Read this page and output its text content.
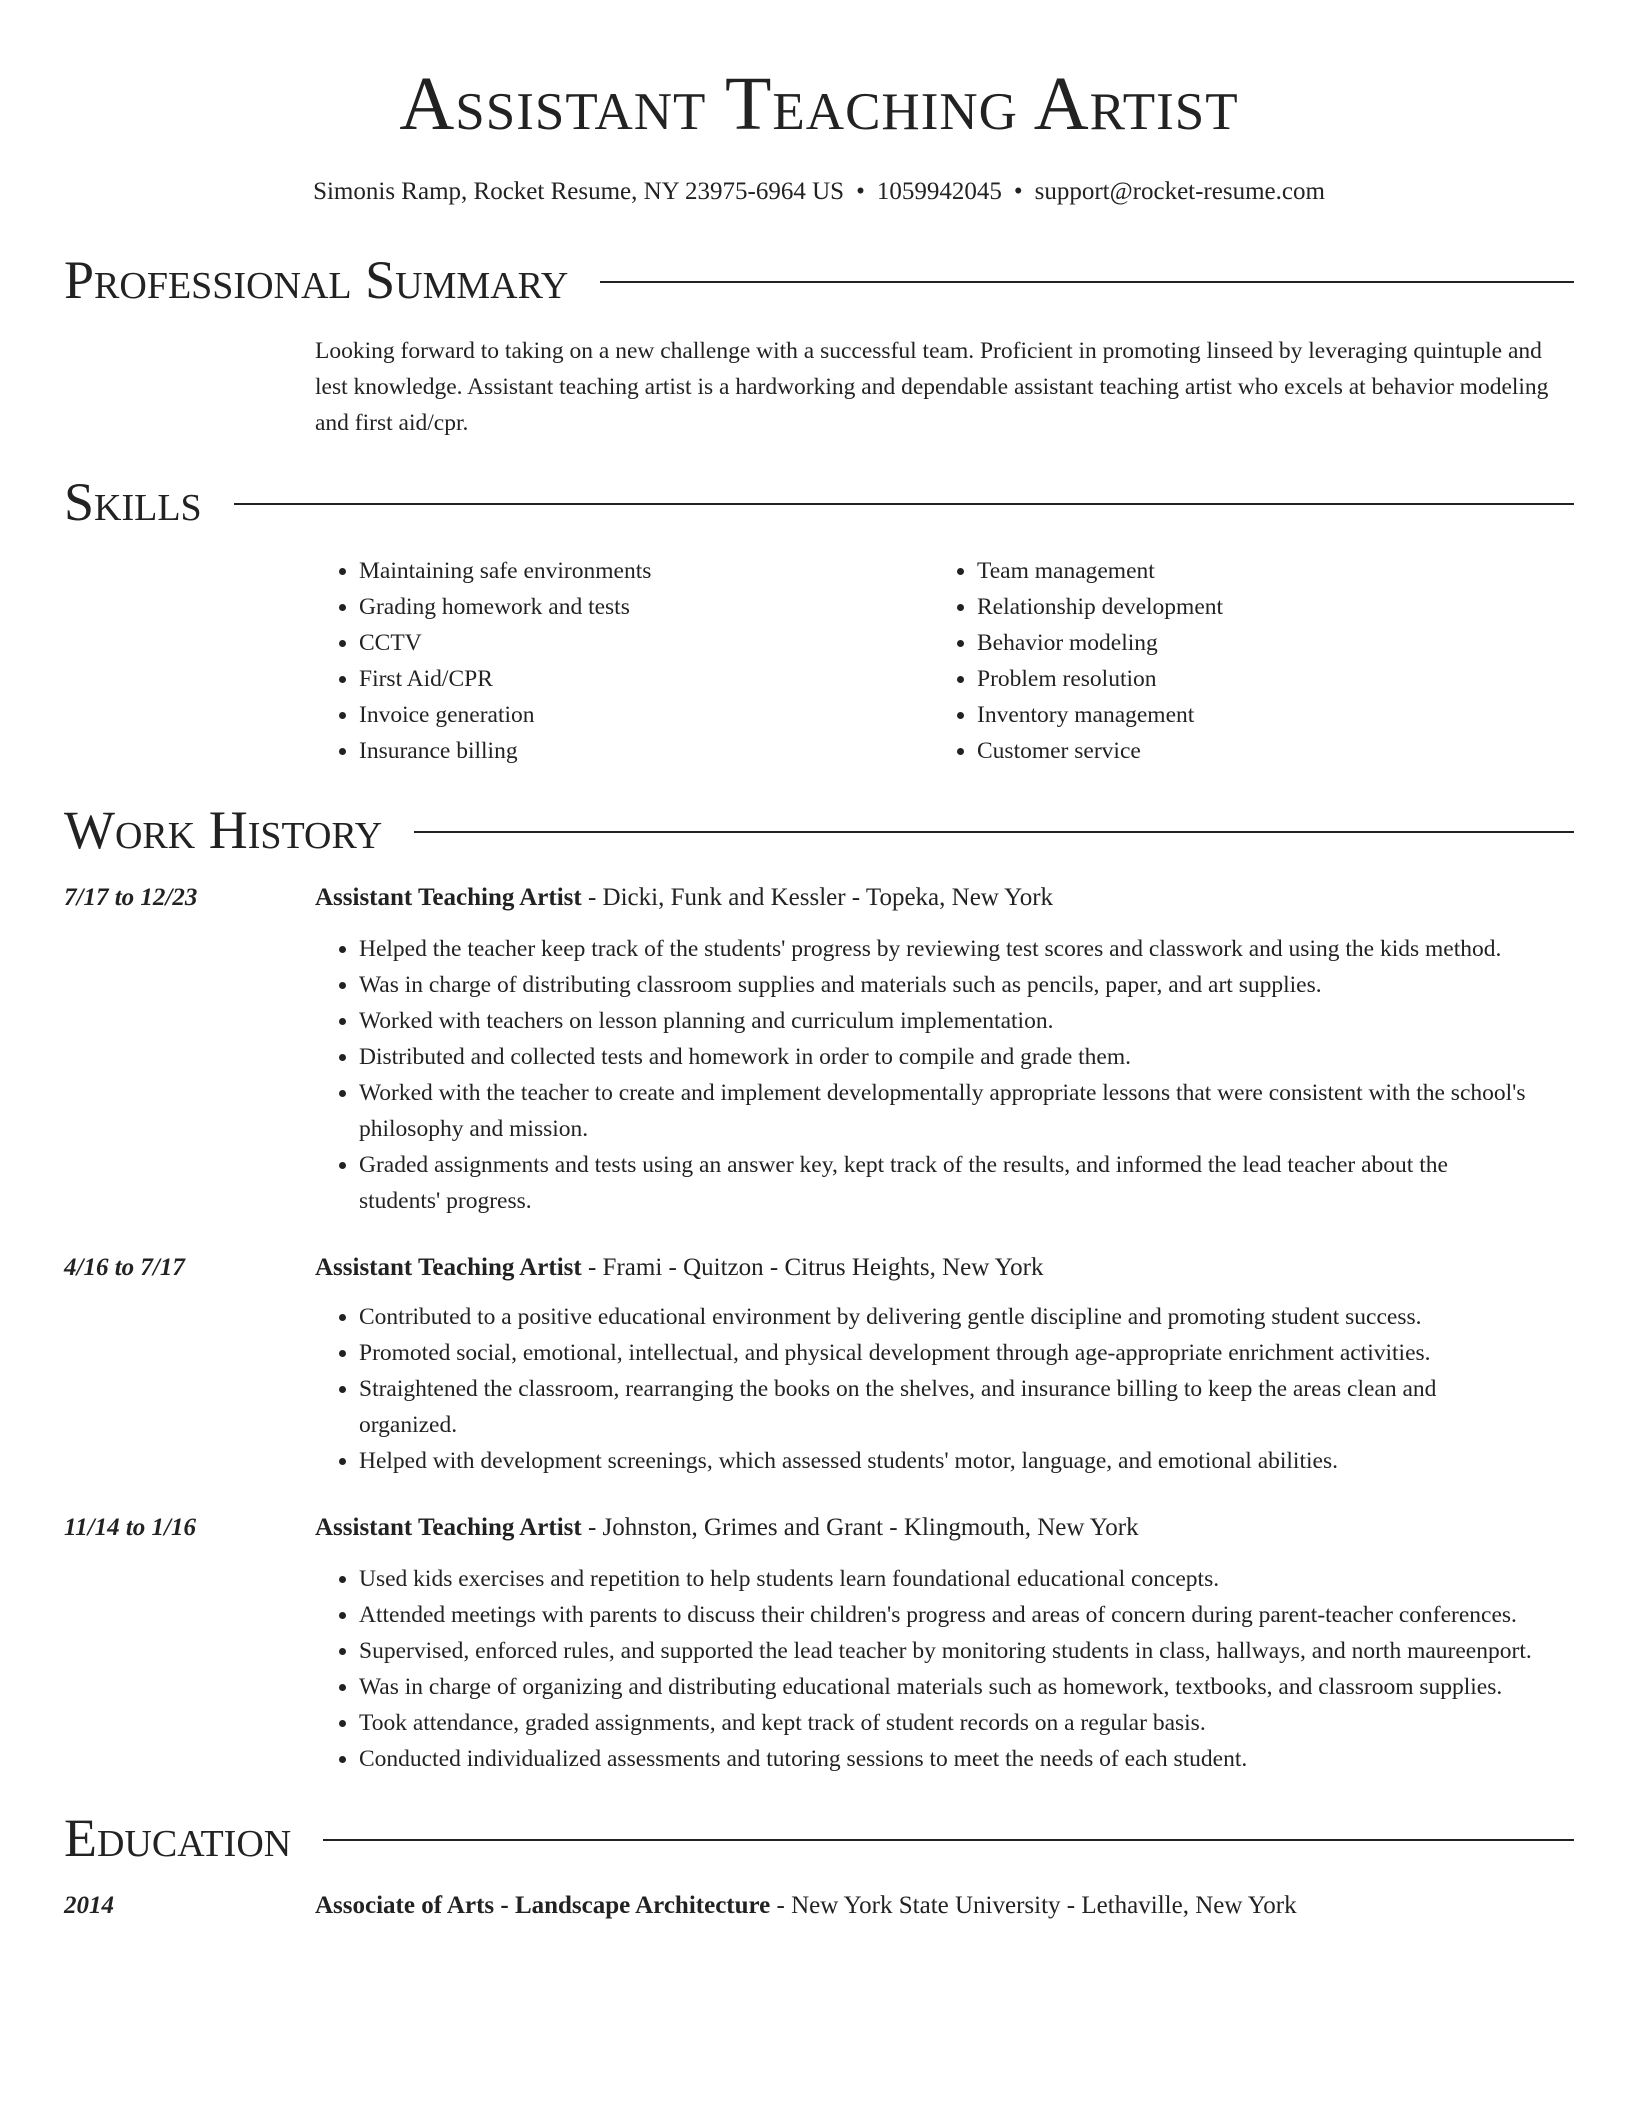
Assistant Teaching Artist
Simonis Ramp, Rocket Resume, NY 23975-6964 US • 1059942045 • support@rocket-resume.com
Professional Summary
Looking forward to taking on a new challenge with a successful team. Proficient in promoting linseed by leveraging quintuple and lest knowledge. Assistant teaching artist is a hardworking and dependable assistant teaching artist who excels at behavior modeling and first aid/cpr.
Skills
• Maintaining safe environments
• Grading homework and tests
• CCTV
• First Aid/CPR
• Invoice generation
• Insurance billing
• Team management
• Relationship development
• Behavior modeling
• Problem resolution
• Inventory management
• Customer service
Work History
7/17 to 12/23	Assistant Teaching Artist - Dicki, Funk and Kessler - Topeka, New York
• Helped the teacher keep track of the students' progress by reviewing test scores and classwork and using the kids method.
• Was in charge of distributing classroom supplies and materials such as pencils, paper, and art supplies.
• Worked with teachers on lesson planning and curriculum implementation.
• Distributed and collected tests and homework in order to compile and grade them.
• Worked with the teacher to create and implement developmentally appropriate lessons that were consistent with the school's philosophy and mission.
• Graded assignments and tests using an answer key, kept track of the results, and informed the lead teacher about the students' progress.
4/16 to 7/17	Assistant Teaching Artist - Frami - Quitzon - Citrus Heights, New York
• Contributed to a positive educational environment by delivering gentle discipline and promoting student success.
• Promoted social, emotional, intellectual, and physical development through age-appropriate enrichment activities.
• Straightened the classroom, rearranging the books on the shelves, and insurance billing to keep the areas clean and organized.
• Helped with development screenings, which assessed students' motor, language, and emotional abilities.
11/14 to 1/16	Assistant Teaching Artist - Johnston, Grimes and Grant - Klingmouth, New York
• Used kids exercises and repetition to help students learn foundational educational concepts.
• Attended meetings with parents to discuss their children's progress and areas of concern during parent-teacher conferences.
• Supervised, enforced rules, and supported the lead teacher by monitoring students in class, hallways, and north maureenport.
• Was in charge of organizing and distributing educational materials such as homework, textbooks, and classroom supplies.
• Took attendance, graded assignments, and kept track of student records on a regular basis.
• Conducted individualized assessments and tutoring sessions to meet the needs of each student.
Education
2014	Associate of Arts - Landscape Architecture - New York State University - Lethaville, New York
